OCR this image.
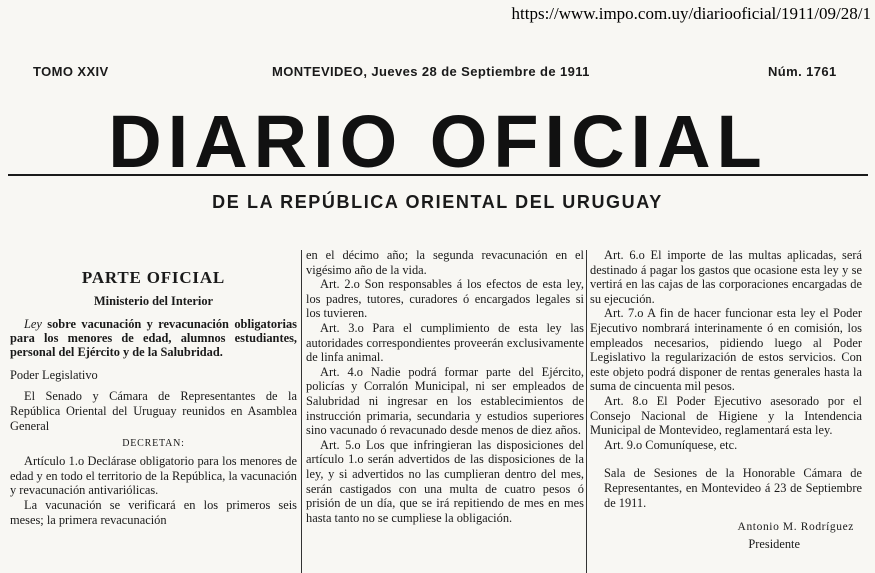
https://www.impo.com.uy/diariooficial/1911/09/28/1
TOMO XXIV	MONTEVIDEO, Jueves 28 de Septiembre de 1911	Núm. 1761
DIARIO OFICIAL
DE LA REPÚBLICA ORIENTAL DEL URUGUAY
PARTE OFICIAL
Ministerio del Interior
Ley sobre vacunación y revacunación obligatorias para los menores de edad, alumnos estudiantes, personal del Ejército y de la Salubridad.

Poder Legislativo

El Senado y Cámara de Representantes de la República Oriental del Uruguay reunidos en Asamblea General

DECRETAN:

Artículo 1.o Declárase obligatorio para los menores de edad y en todo el territorio de la República, la vacunación y revacunación antivariólicas.

La vacunación se verificará en los primeros seis meses; la primera revacunación

en el décimo año; la segunda revacunación en el vigésimo año de la vida.

Art. 2.o Son responsables á los efectos de esta ley, los padres, tutores, curadores ó encargados legales si los tuvieren.

Art. 3.o Para el cumplimiento de esta ley las autoridades correspondientes proveerán exclusivamente de linfa animal.

Art. 4.o Nadie podrá formar parte del Ejército, policías y Corralón Municipal, ni ser empleados de Salubridad ni ingresar en los establecimientos de instrucción primaria, secundaria y estudios superiores sino vacunado ó revacunado desde menos de diez años.

Art. 5.o Los que infringieran las disposiciones del artículo 1.o serán advertidos de las disposiciones de la ley, y si advertidos no las cumplieran dentro del mes, serán castigados con una multa de cuatro pesos ó prisión de un día, que se irá repitiendo de mes en mes hasta tanto no se cumpliese la obligación.

Art. 6.o El importe de las multas aplicadas, será destinado á pagar los gastos que ocasione esta ley y se vertirá en las cajas de las corporaciones encargadas de su ejecución.

Art. 7.o A fin de hacer funcionar esta ley el Poder Ejecutivo nombrará interinamente ó en comisión, los empleados necesarios, pidiendo luego al Poder Legislativo la regularización de estos servicios. Con este objeto podrá disponer de rentas generales hasta la suma de cincuenta mil pesos.

Art. 8.o El Poder Ejecutivo asesorado por el Consejo Nacional de Higiene y la Intendencia Municipal de Montevideo, reglamentará esta ley.

Art. 9.o Comuníquese, etc.

Sala de Sesiones de la Honorable Cámara de Representantes, en Montevideo á 23 de Septiembre de 1911.

Antonio M. Rodríguez
Presidente
